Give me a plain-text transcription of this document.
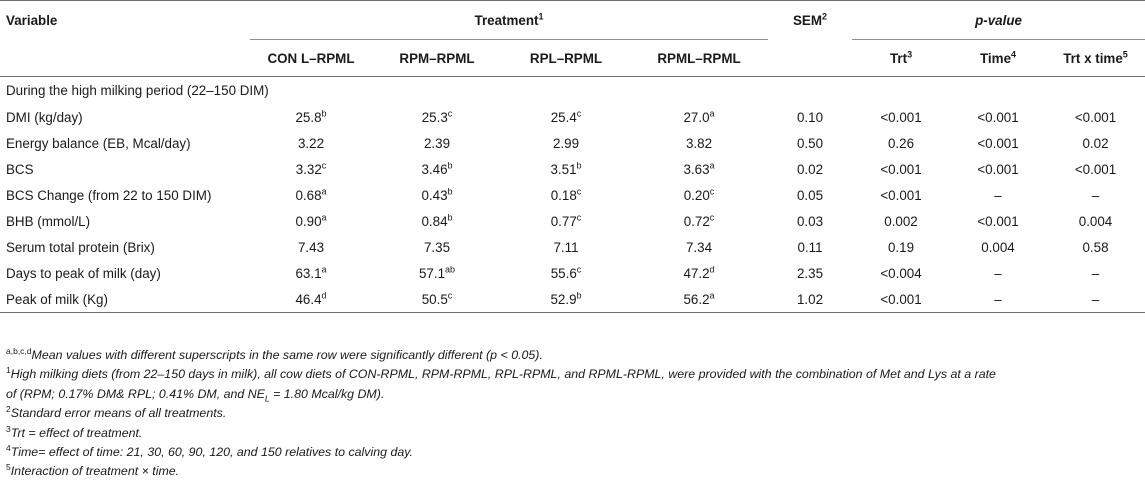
Variable	Treatment$^1$				SEM$^2$	p-value		
	CON L–RPML	RPM–RPML	RPL–RPML	RPML–RPML		Trt$^3$	Time$^4$	Trt x time$^5$
During the high milking period (22–150 DIM)								
DMI (kg/day)	25.8$^b$	25.3$^c$	25.4$^c$	27.0$^a$	0.10	<0.001	<0.001	<0.001
Energy balance (EB, Mcal/day)	3.22	2.39	2.99	3.82	0.50	0.26	<0.001	0.02
BCS	3.32$^c$	3.46$^b$	3.51$^b$	3.63$^a$	0.02	<0.001	<0.001	<0.001
BCS Change (from 22 to 150 DIM)	0.68$^a$	0.43$^b$	0.18$^c$	0.20$^c$	0.05	<0.001	–	–
BHB (mmol/L)	0.90$^a$	0.84$^b$	0.77$^c$	0.72$^c$	0.03	0.002	<0.001	0.004
Serum total protein (Brix)	7.43	7.35	7.11	7.34	0.11	0.19	0.004	0.58
Days to peak of milk (day)	63.1$^a$	57.1$^{ab}$	55.6$^c$	47.2$^d$	2.35	<0.004	–	–
Peak of milk (Kg)	46.4$^d$	50.5$^c$	52.9$^b$	56.2$^a$	1.02	<0.001	–	–
$^{a,b,c,d}$Mean values with different superscripts in the same row were significantly different (p < 0.05).
$^1$High milking diets (from 22–150 days in milk), all cow diets of CON-RPML, RPM-RPML, RPL-RPML, and RPML-RPML, were provided with the combination of Met and Lys at a rate
of (RPM; 0.17% DM& RPL; 0.41% DM, and $NE_L = 1.80$ Mcal/kg DM).
$^2$Standard error means of all treatments.
$^3$Trt = effect of treatment.
$^4$Time= effect of time: 21, 30, 60, 90, 120, and 150 relatives to calving day.
$^5$Interaction of treatment × time.
